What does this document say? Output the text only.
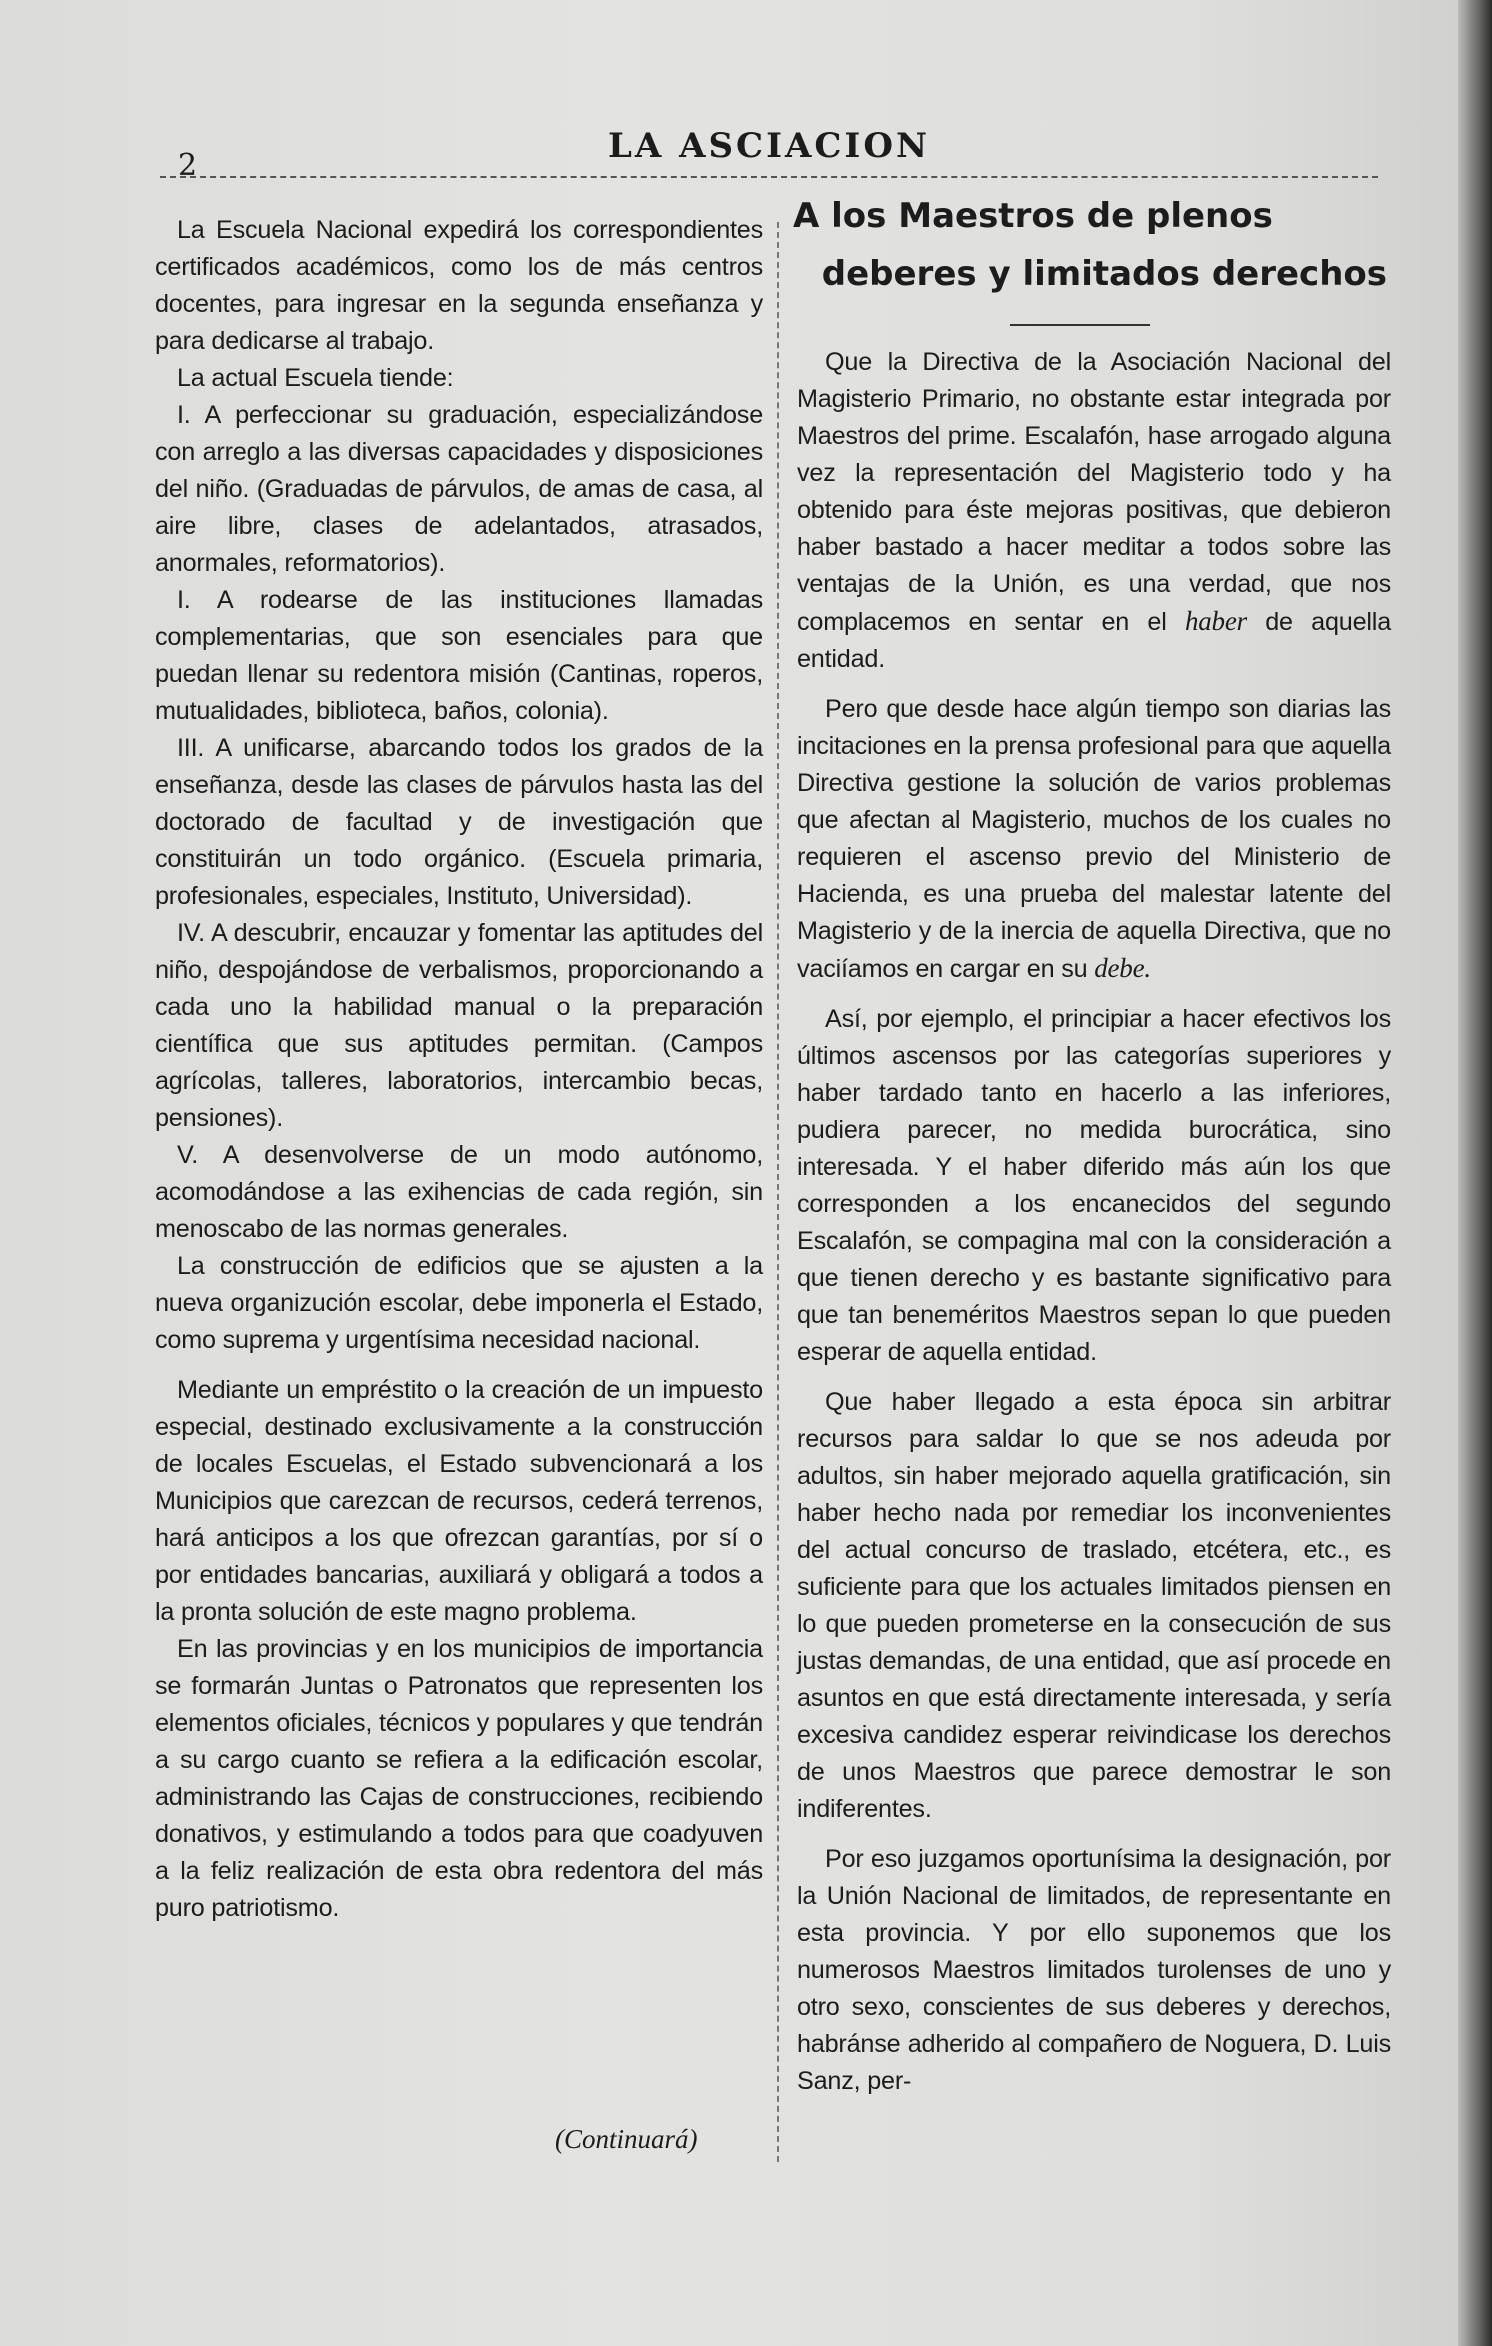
2	LA ASCIACION

La Escuela Nacional expedirá los correspondientes certificados académicos, como los de más centros docentes, para ingresar en la segunda enseñanza y para dedicarse al trabajo.

La actual Escuela tiende:

I. A perfeccionar su graduación, especializándose con arreglo a las diversas capacidades y disposiciones del niño. (Graduadas de párvulos, de amas de casa, al aire libre, clases de adelantados, atrasados, anormales, reformatorios).

I. A rodearse de las instituciones llamadas complementarias, que son esenciales para que puedan llenar su redentora misión (Cantinas, roperos, mutualidades, biblioteca, baños, colonia).

III. A unificarse, abarcando todos los grados de la enseñanza, desde las clases de párvulos hasta las del doctorado de facultad y de investigación que constituirán un todo orgánico. (Escuela primaria, profesionales, especiales, Instituto, Universidad).

IV. A descubrir, encauzar y fomentar las aptitudes del niño, despojándose de verbalismos, proporcionando a cada uno la habilidad manual o la preparación científica que sus aptitudes permitan. (Campos agrícolas, talleres, laboratorios, intercambio becas, pensiones).

V. A desenvolverse de un modo autónomo, acomodándose a las exihencias de cada región, sin menoscabo de las normas generales.

La construcción de edificios que se ajusten a la nueva organizución escolar, debe imponerla el Estado, como suprema y urgentísima necesidad nacional.

Mediante un empréstito o la creación de un impuesto especial, destinado exclusivamente a la construcción de locales Escuelas, el Estado subvencionará a los Municipios que carezcan de recursos, cederá terrenos, hará anticipos a los que ofrezcan garantías, por sí o por entidades bancarias, auxiliará y obligará a todos a la pronta solución de este magno problema.

En las provincias y en los municipios de importancia se formarán Juntas o Patronatos que representen los elementos oficiales, técnicos y populares y que tendrán a su cargo cuanto se refiera a la edificación escolar, administrando las Cajas de construcciones, recibiendo donativos, y estimulando a todos para que coadyuven a la feliz realización de esta obra redentora del más puro patriotismo.

(Continuará)
A los Maestros de plenos
deberes y limitados derechos

Que la Directiva de la Asociación Nacional del Magisterio Primario, no obstante estar integrada por Maestros del prime. Escalafón, hase arrogado alguna vez la representación del Magisterio todo y ha obtenido para éste mejoras positivas, que debieron haber bastado a hacer meditar a todos sobre las ventajas de la Unión, es una verdad, que nos complacemos en sentar en el haber de aquella entidad.

Pero que desde hace algún tiempo son diarias las incitaciones en la prensa profesional para que aquella Directiva gestione la solución de varios problemas que afectan al Magisterio, muchos de los cuales no requieren el ascenso previo del Ministerio de Hacienda, es una prueba del malestar latente del Magisterio y de la inercia de aquella Directiva, que no vaciíamos en cargar en su debe.

Así, por ejemplo, el principiar a hacer efectivos los últimos ascensos por las categorías superiores y haber tardado tanto en hacerlo a las inferiores, pudiera parecer, no medida burocrática, sino interesada. Y el haber diferido más aún los que corresponden a los encanecidos del segundo Escalafón, se compagina mal con la consideración a que tienen derecho y es bastante significativo para que tan beneméritos Maestros sepan lo que pueden esperar de aquella entidad.

Que haber llegado a esta época sin arbitrar recursos para saldar lo que se nos adeuda por adultos, sin haber mejorado aquella gratificación, sin haber hecho nada por remediar los inconvenientes del actual concurso de traslado, etcétera, etc., es suficiente para que los actuales limitados piensen en lo que pueden prometerse en la consecución de sus justas demandas, de una entidad, que así procede en asuntos en que está directamente interesada, y sería excesiva candidez esperar reivindicase los derechos de unos Maestros que parece demostrar le son indiferentes.

Por eso juzgamos oportunísima la designación, por la Unión Nacional de limitados, de representante en esta provincia. Y por ello suponemos que los numerosos Maestros limitados turolenses de uno y otro sexo, conscientes de sus deberes y derechos, habránse adherido al compañero de Noguera, D. Luis Sanz, per-
